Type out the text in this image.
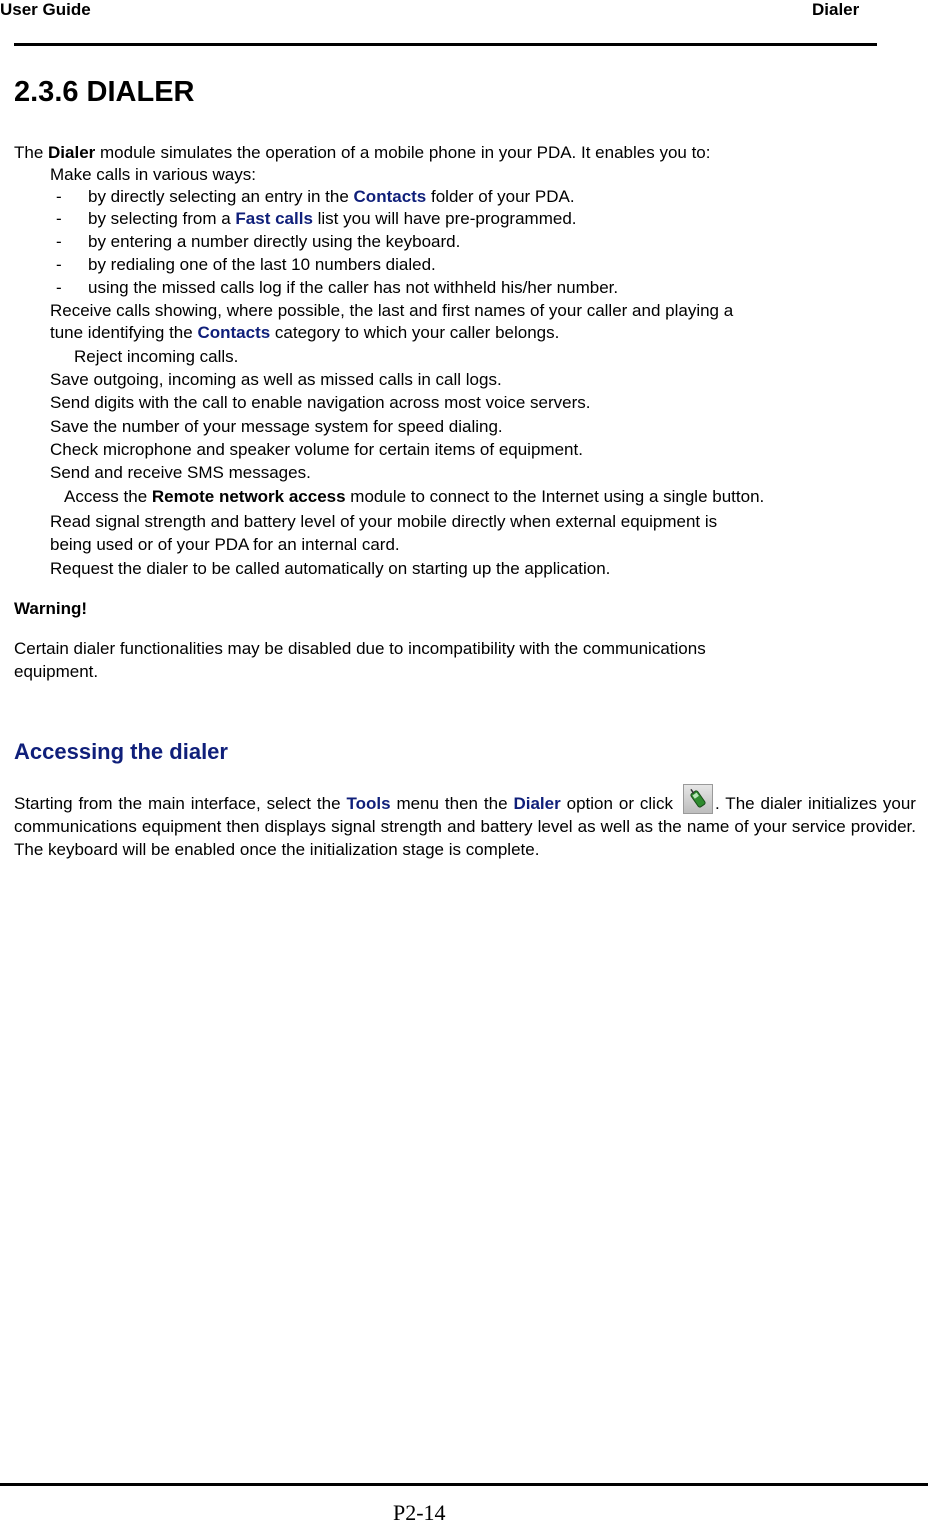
User Guide	Dialer
2.3.6 DIALER
The Dialer module simulates the operation of a mobile phone in your PDA. It enables you to:
Make calls in various ways:
- by directly selecting an entry in the Contacts folder of your PDA.
- by selecting from a Fast calls list you will have pre-programmed.
- by entering a number directly using the keyboard.
- by redialing one of the last 10 numbers dialed.
- using the missed calls log if the caller has not withheld his/her number.
Receive calls showing, where possible, the last and first names of your caller and playing a
tune identifying the Contacts category to which your caller belongs.
Reject incoming calls.
Save outgoing, incoming as well as missed calls in call logs.
Send digits with the call to enable navigation across most voice servers.
Save the number of your message system for speed dialing.
Check microphone and speaker volume for certain items of equipment.
Send and receive SMS messages.
Access the Remote network access module to connect to the Internet using a single button.
Read signal strength and battery level of your mobile directly when external equipment is
being used or of your PDA for an internal card.
Request the dialer to be called automatically on starting up the application.
Warning!
Certain dialer functionalities may be disabled due to incompatibility with the communications
equipment.
Accessing the dialer
Starting from the main interface, select the Tools menu then the Dialer option or click . The dialer initializes your communications equipment then displays signal strength and battery level as well as the name of your service provider. The keyboard will be enabled once the initialization stage is complete.
P2-14
